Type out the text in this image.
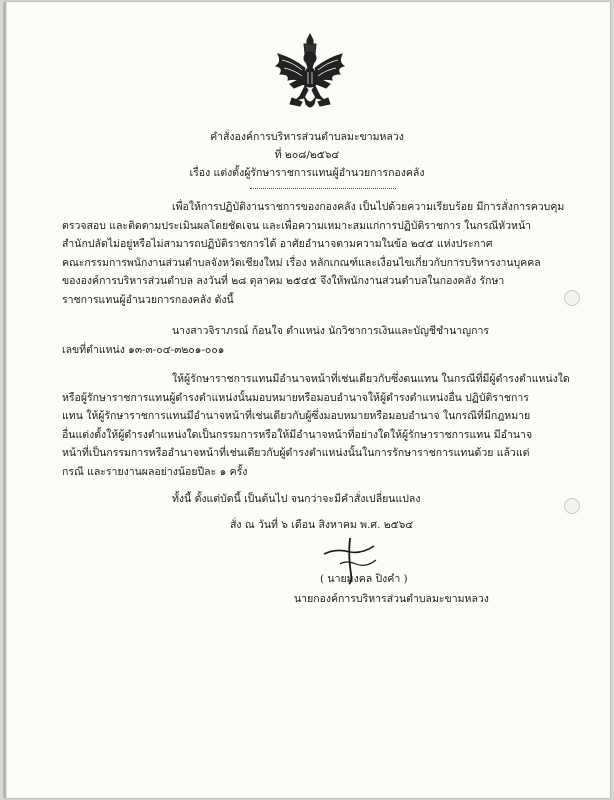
คำสั่งองค์การบริหารส่วนตำบลมะขามหลวง
ที่ ๒๐๘/๒๕๖๔
เรื่อง แต่งตั้งผู้รักษาราชการแทนผู้อำนวยการกองคลัง
เพื่อให้การปฏิบัติงานราชการของกองคลัง เป็นไปด้วยความเรียบร้อย มีการสั่งการควบคุม
ตรวจสอบ และติดตามประเมินผลโดยชัดเจน และเพื่อความเหมาะสมแก่การปฏิบัติราชการ ในกรณีหัวหน้า
สำนักปลัดไม่อยู่หรือไม่สามารถปฏิบัติราชการได้ อาศัยอำนาจตามความในข้อ ๒๔๕ แห่งประกาศ
คณะกรรมการพนักงานส่วนตำบลจังหวัดเชียงใหม่ เรื่อง หลักเกณฑ์และเงื่อนไขเกี่ยวกับการบริหารงานบุคคล
ขององค์การบริหารส่วนตำบล ลงวันที่ ๒๘ ตุลาคม ๒๕๔๕ จึงให้พนักงานส่วนตำบลในกองคลัง รักษา
ราชการแทนผู้อำนวยการกองคลัง ดังนี้
นางสาวจิราภรณ์ ก้อนใจ ตำแหน่ง นักวิชาการเงินและบัญชีชำนาญการ
เลขที่ตำแหน่ง ๑๓-๓-๐๔-๓๒๐๑-๐๐๑
ให้ผู้รักษาราชการแทนมีอำนาจหน้าที่เช่นเดียวกับซึ่งตนแทน ในกรณีที่มีผู้ดำรงตำแหน่งใด
หรือผู้รักษาราชการแทนผู้ดำรงตำแหน่งนั้นมอบหมายหรือมอบอำนาจให้ผู้ดำรงตำแหน่งอื่น ปฏิบัติราชการ
แทน ให้ผู้รักษาราชการแทนมีอำนาจหน้าที่เช่นเดียวกับผู้ซึ่งมอบหมายหรือมอบอำนาจ ในกรณีที่มีกฎหมาย
อื่นแต่งตั้งให้ผู้ดำรงตำแหน่งใดเป็นกรรมการหรือให้มีอำนาจหน้าที่อย่างใดให้ผู้รักษาราชการแทน มีอำนาจ
หน้าที่เป็นกรรมการหรืออำนาจหน้าที่เช่นเดียวกับผู้ดำรงตำแหน่งนั้นในการรักษาราชการแทนด้วย แล้วแต่
กรณี และรายงานผลอย่างน้อยปีละ ๑ ครั้ง
ทั้งนี้ ตั้งแต่บัดนี้ เป็นต้นไป จนกว่าจะมีคำสั่งเปลี่ยนแปลง
สั่ง ณ วันที่ ๖ เดือน สิงหาคม พ.ศ. ๒๕๖๔
( นายมงคล ปิงคำ )
นายกองค์การบริหารส่วนตำบลมะขามหลวง
